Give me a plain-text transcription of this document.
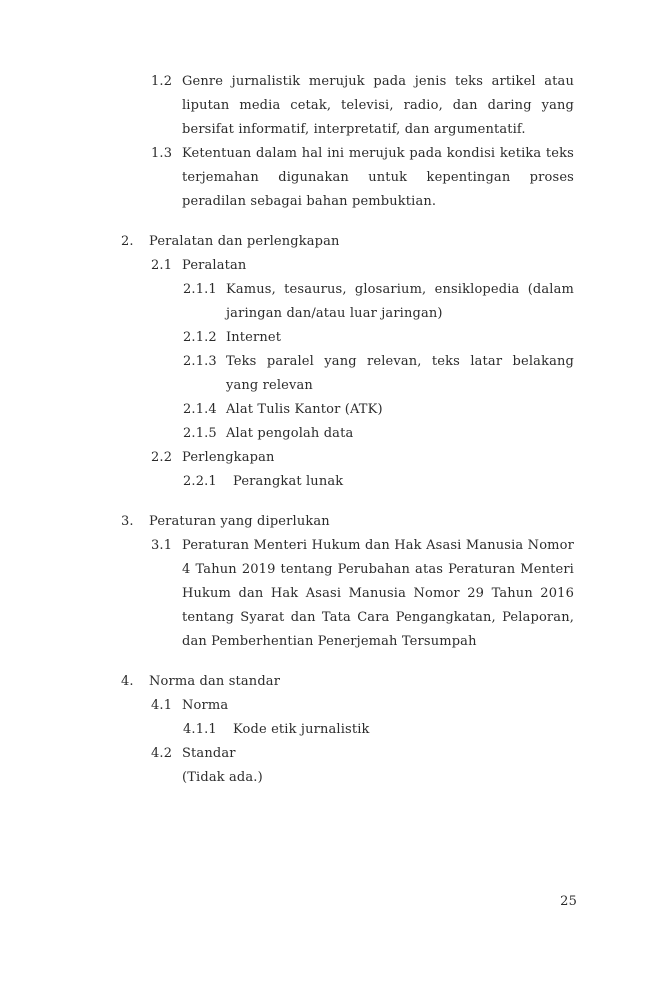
1.2 Genre jurnalistik merujuk pada jenis teks artikel atau liputan media cetak, televisi, radio, dan daring yang bersifat informatif, interpretatif, dan argumentatif.
1.3 Ketentuan dalam hal ini merujuk pada kondisi ketika teks terjemahan digunakan untuk kepentingan proses peradilan sebagai bahan pembuktian.
2.	Peralatan dan perlengkapan
2.1 Peralatan
2.1.1 Kamus, tesaurus, glosarium, ensiklopedia (dalam jaringan dan/atau luar jaringan)
2.1.2 Internet
2.1.3 Teks paralel yang relevan, teks latar belakang yang relevan
2.1.4 Alat Tulis Kantor (ATK)
2.1.5 Alat pengolah data
2.2 Perlengkapan
2.2.1	Perangkat lunak
3.	Peraturan yang diperlukan
3.1 Peraturan Menteri Hukum dan Hak Asasi Manusia Nomor 4 Tahun 2019 tentang Perubahan atas Peraturan Menteri Hukum dan Hak Asasi Manusia Nomor 29 Tahun 2016 tentang Syarat dan Tata Cara Pengangkatan, Pelaporan, dan Pemberhentian Penerjemah Tersumpah
4.	Norma dan standar
4.1 Norma
4.1.1	Kode etik jurnalistik
4.2 Standar
(Tidak ada.)
25
